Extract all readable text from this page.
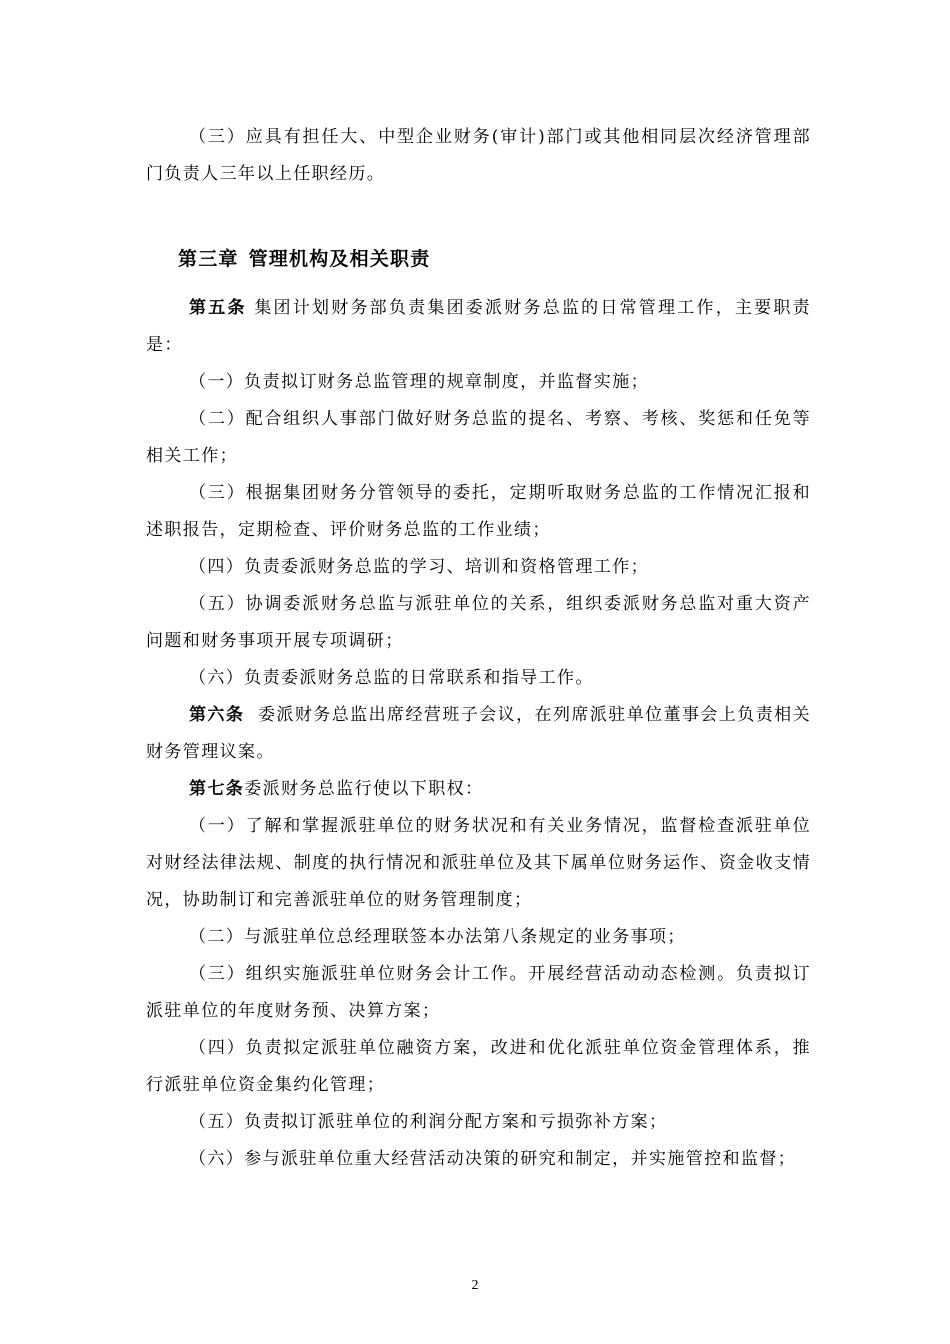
（三）应具有担任大、中型企业财务(审计)部门或其他相同层次经济管理部门负责人三年以上任职经历。

第三章 管理机构及相关职责

第五条 集团计划财务部负责集团委派财务总监的日常管理工作，主要职责是：

（一）负责拟订财务总监管理的规章制度，并监督实施；

（二）配合组织人事部门做好财务总监的提名、考察、考核、奖惩和任免等相关工作；

（三）根据集团财务分管领导的委托，定期听取财务总监的工作情况汇报和述职报告，定期检查、评价财务总监的工作业绩；

（四）负责委派财务总监的学习、培训和资格管理工作；

（五）协调委派财务总监与派驻单位的关系，组织委派财务总监对重大资产问题和财务事项开展专项调研；

（六）负责委派财务总监的日常联系和指导工作。

第六条 委派财务总监出席经营班子会议，在列席派驻单位董事会上负责相关财务管理议案。

第七条委派财务总监行使以下职权：

（一）了解和掌握派驻单位的财务状况和有关业务情况，监督检查派驻单位对财经法律法规、制度的执行情况和派驻单位及其下属单位财务运作、资金收支情况，协助制订和完善派驻单位的财务管理制度；

（二）与派驻单位总经理联签本办法第八条规定的业务事项；

（三）组织实施派驻单位财务会计工作。开展经营活动动态检测。负责拟订派驻单位的年度财务预、决算方案；

（四）负责拟定派驻单位融资方案，改进和优化派驻单位资金管理体系，推行派驻单位资金集约化管理；

（五）负责拟订派驻单位的利润分配方案和亏损弥补方案；

（六）参与派驻单位重大经营活动决策的研究和制定，并实施管控和监督；

2
